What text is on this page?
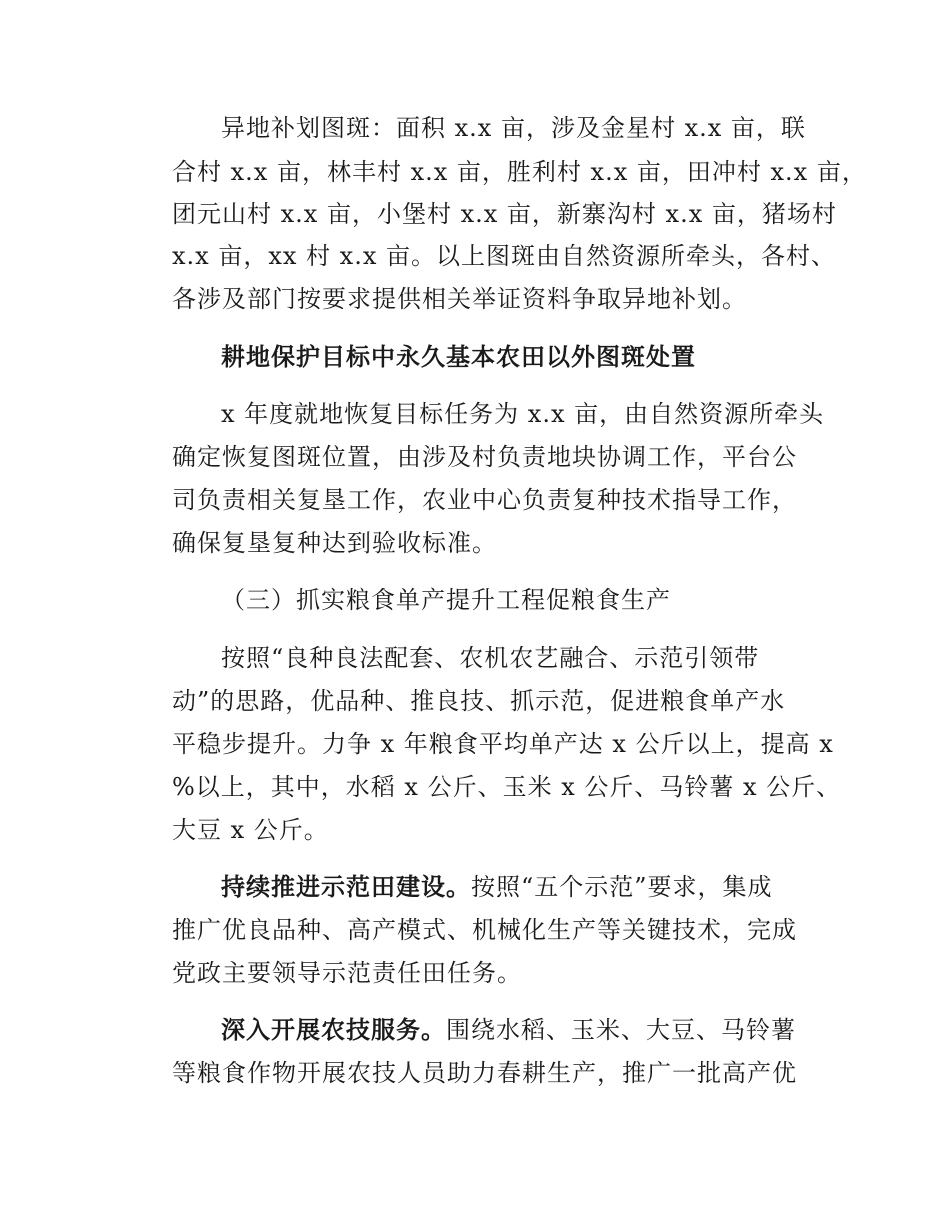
异地补划图斑：面积 x.x 亩，涉及金星村 x.x 亩，联
合村 x.x 亩，林丰村 x.x 亩，胜利村 x.x 亩，田冲村 x.x 亩，
团元山村 x.x 亩，小堡村 x.x 亩，新寨沟村 x.x 亩，猪场村
x.x 亩，xx 村 x.x 亩。以上图斑由自然资源所牵头，各村、
各涉及部门按要求提供相关举证资料争取异地补划。
耕地保护目标中永久基本农田以外图斑处置
x 年度就地恢复目标任务为 x.x 亩，由自然资源所牵头
确定恢复图斑位置，由涉及村负责地块协调工作，平台公
司负责相关复垦工作，农业中心负责复种技术指导工作，
确保复垦复种达到验收标准。
（三）抓实粮食单产提升工程促粮食生产
按照“良种良法配套、农机农艺融合、示范引领带
动”的思路，优品种、推良技、抓示范，促进粮食单产水
平稳步提升。力争 x 年粮食平均单产达 x 公斤以上，提高 x
%以上，其中，水稻 x 公斤、玉米 x 公斤、马铃薯 x 公斤、
大豆 x 公斤。
持续推进示范田建设。按照“五个示范”要求，集成
推广优良品种、高产模式、机械化生产等关键技术，完成
党政主要领导示范责任田任务。
深入开展农技服务。围绕水稻、玉米、大豆、马铃薯
等粮食作物开展农技人员助力春耕生产，推广一批高产优
